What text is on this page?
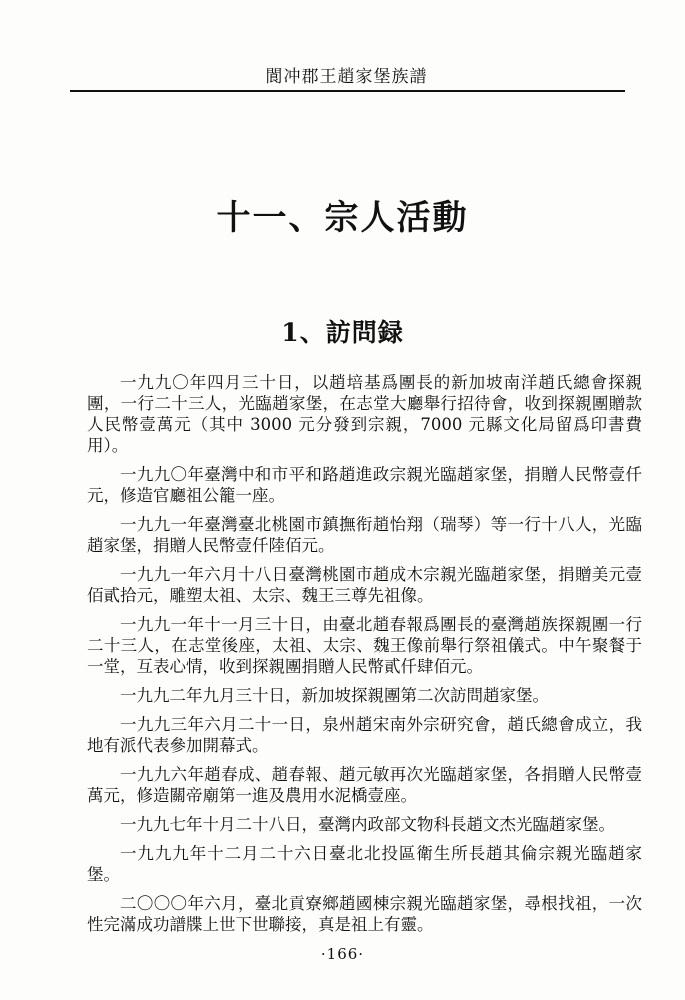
閬冲郡王趙家堡族譜
十一、宗人活動
1、訪問録

一九九〇年四月三十日，以趙培基爲團長的新加坡南洋趙氏總會探親團，一行二十三人，光臨趙家堡，在志堂大廳舉行招待會，收到探親團贈款人民幣壹萬元（其中 3000 元分發到宗親，7000 元縣文化局留爲印書費用）。

一九九〇年臺灣中和市平和路趙進政宗親光臨趙家堡，捐贈人民幣壹仟元，修造官廳祖公籠一座。

一九九一年臺灣臺北桃園市鎮撫衔趙怡翔（瑞琴）等一行十八人，光臨趙家堡，捐贈人民幣壹仟陸佰元。

一九九一年六月十八日臺灣桃園市趙成木宗親光臨趙家堡，捐贈美元壹佰貳拾元，雕塑太祖、太宗、魏王三尊先祖像。

一九九一年十一月三十日，由臺北趙春報爲團長的臺灣趙族探親團一行二十三人，在志堂後座，太祖、太宗、魏王像前舉行祭祖儀式。中午聚餐于一堂，互表心情，收到探親團捐贈人民幣貳仟肆佰元。

一九九二年九月三十日，新加坡探親團第二次訪問趙家堡。

一九九三年六月二十一日，泉州趙宋南外宗研究會，趙氏總會成立，我地有派代表參加開幕式。

一九九六年趙春成、趙春報、趙元敏再次光臨趙家堡，各捐贈人民幣壹萬元，修造關帝廟第一進及農用水泥橋壹座。

一九九七年十月二十八日，臺灣内政部文物科長趙文杰光臨趙家堡。

一九九九年十二月二十六日臺北北投區衛生所長趙其倫宗親光臨趙家堡。

二〇〇〇年六月，臺北貢寮鄉趙國棟宗親光臨趙家堡，尋根找祖，一次性完滿成功譜牒上世下世聯接，真是祖上有靈。

·166·
